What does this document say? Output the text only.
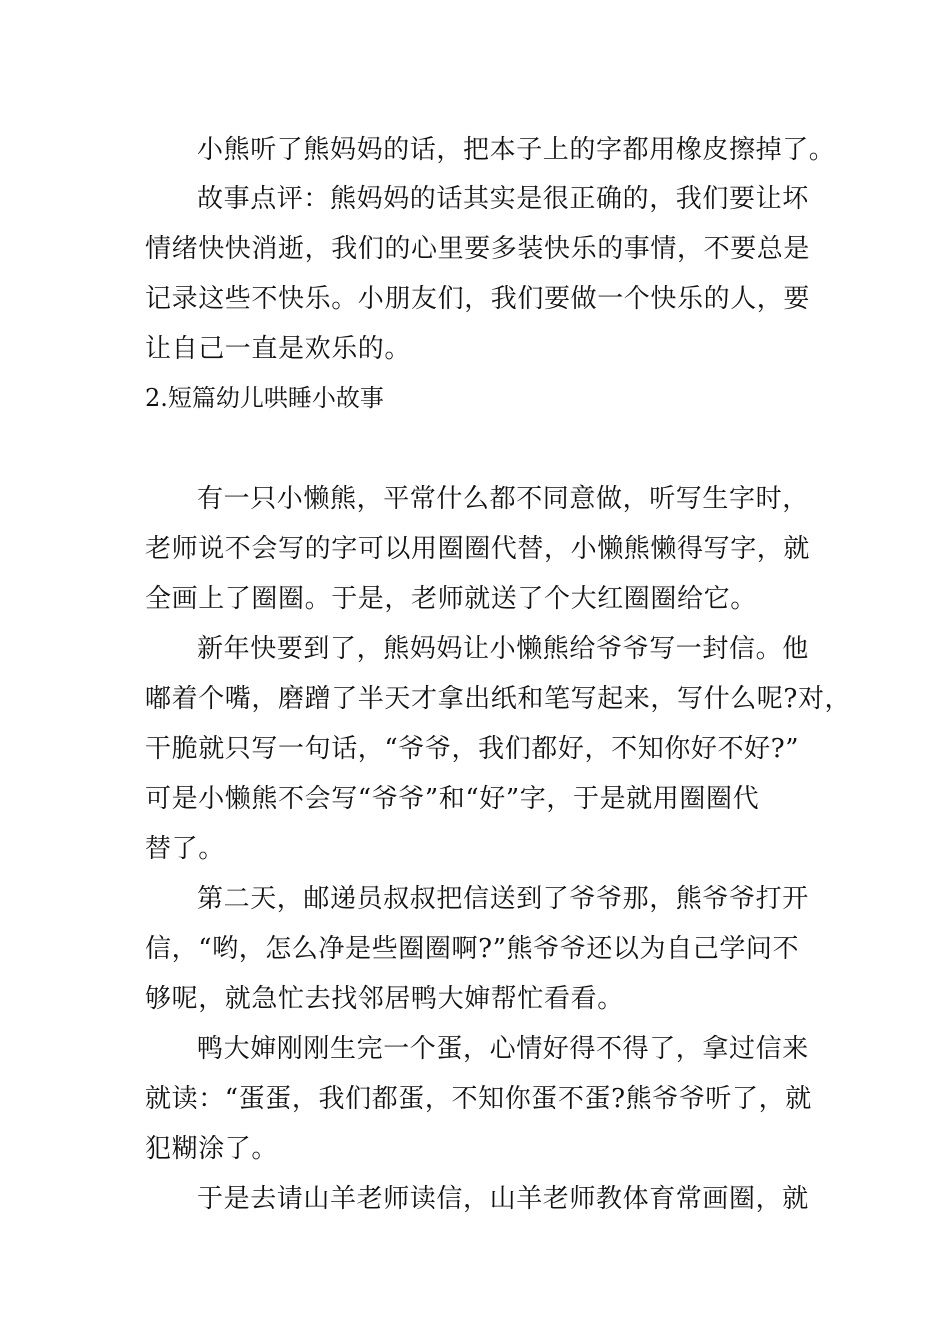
小熊听了熊妈妈的话，把本子上的字都用橡皮擦掉了。
故事点评：熊妈妈的话其实是很正确的，我们要让坏
情绪快快消逝，我们的心里要多装快乐的事情，不要总是
记录这些不快乐。小朋友们，我们要做一个快乐的人，要
让自己一直是欢乐的。
2.短篇幼儿哄睡小故事
有一只小懒熊，平常什么都不同意做，听写生字时，
老师说不会写的字可以用圈圈代替，小懒熊懒得写字，就
全画上了圈圈。于是，老师就送了个大红圈圈给它。
新年快要到了，熊妈妈让小懒熊给爷爷写一封信。他
嘟着个嘴，磨蹭了半天才拿出纸和笔写起来，写什么呢?对，
干脆就只写一句话，“爷爷，我们都好，不知你好不好?”
可是小懒熊不会写“爷爷”和“好”字，于是就用圈圈代
替了。
第二天，邮递员叔叔把信送到了爷爷那，熊爷爷打开
信，“哟，怎么净是些圈圈啊?”熊爷爷还以为自己学问不
够呢，就急忙去找邻居鸭大婶帮忙看看。
鸭大婶刚刚生完一个蛋，心情好得不得了，拿过信来
就读：“蛋蛋，我们都蛋，不知你蛋不蛋?熊爷爷听了，就
犯糊涂了。
于是去请山羊老师读信，山羊老师教体育常画圈，就
